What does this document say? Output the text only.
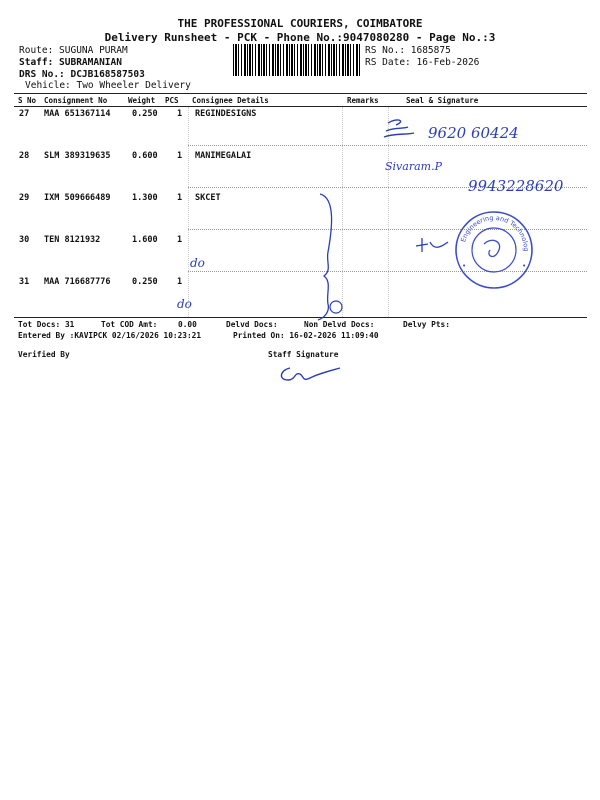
THE PROFESSIONAL COURIERS, COIMBATORE
Delivery Runsheet - PCK - Phone No.:9047080280 - Page No.:3
Route: SUGUNA PURAM
Staff: SUBRAMANIAN
DRS No.: DCJB168587503
Vehicle: Two Wheeler Delivery
RS No.: 1685875
RS Date: 16-Feb-2026
S No Consignment No	Weight PCS Consignee Details	Remarks	Seal & Signature
27 MAA 651367114	0.250 1 REGINDESIGNS
28 SLM 389319635	0.600 1 MANIMEGALAI
29 IXM 509666489	1.300 1 SKCET
30 TEN 8121932	1.600 1
31 MAA 716687776	0.250 1
9620 60424
Sivaram.P
9943228620
do
do
Engineering and Technology
•	•
Tot Docs: 31	Tot COD Amt:	0.00	Delvd Docs:	Non Delvd Docs:	Delvy Pts:
Entered By :KAVIPCK 02/16/2026 10:23:21	Printed On: 16-02-2026 11:09:40
Verified By	Staff Signature
